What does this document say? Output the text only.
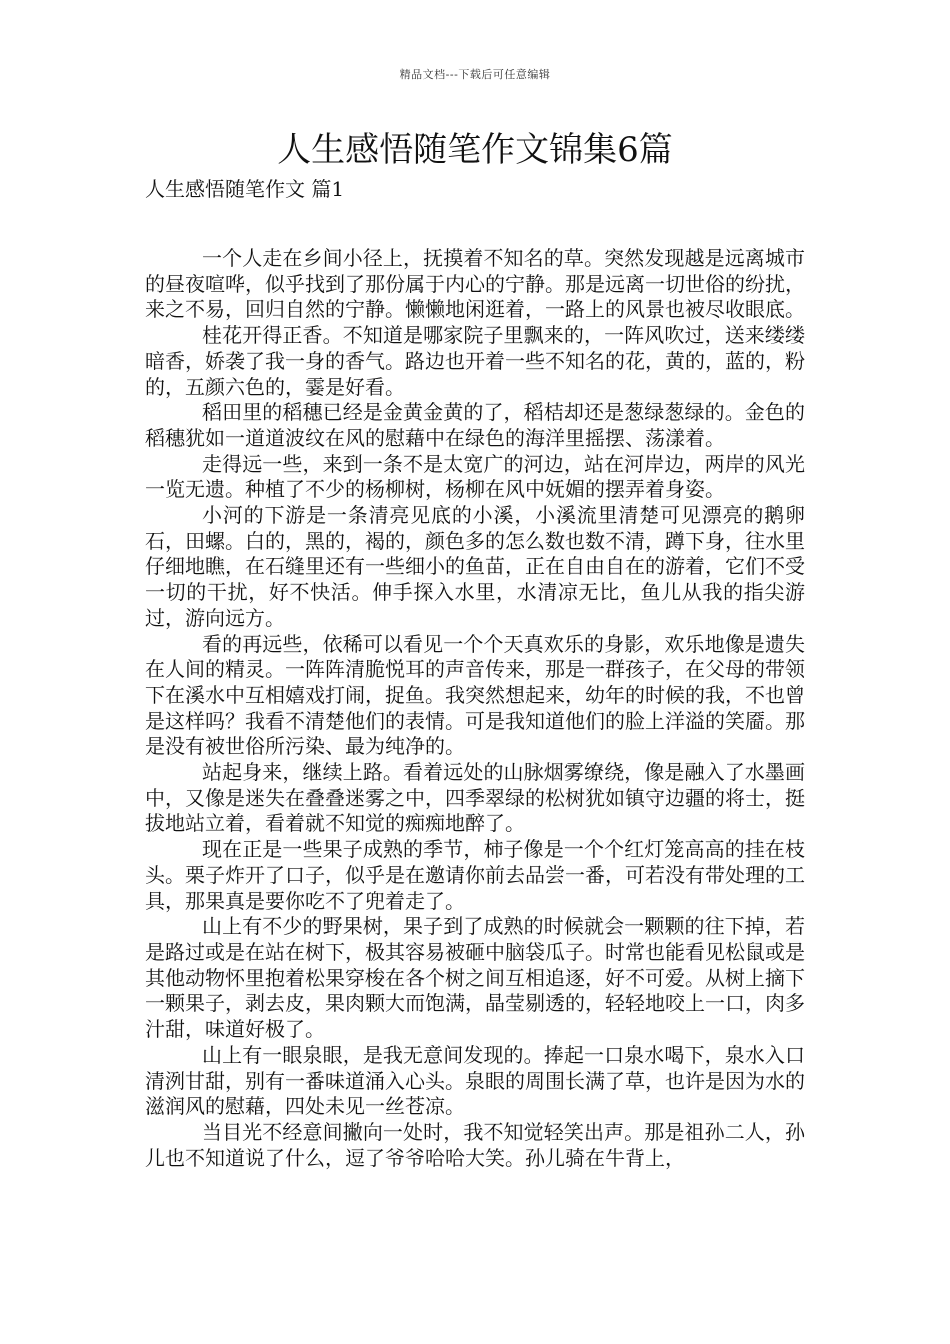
精品文档---下载后可任意编辑
人生感悟随笔作文锦集6篇
人生感悟随笔作文 篇1

一个人走在乡间小径上，抚摸着不知名的草。突然发现越是远离城市的昼夜喧哗，似乎找到了那份属于内心的宁静。那是远离一切世俗的纷扰，来之不易，回归自然的宁静。懒懒地闲逛着，一路上的风景也被尽收眼底。

桂花开得正香。不知道是哪家院子里飘来的，一阵风吹过，送来缕缕暗香，娇袭了我一身的香气。路边也开着一些不知名的花，黄的，蓝的，粉的，五颜六色的，霎是好看。

稻田里的稻穗已经是金黄金黄的了，稻桔却还是葱绿葱绿的。金色的稻穗犹如一道道波纹在风的慰藉中在绿色的海洋里摇摆、荡漾着。

走得远一些，来到一条不是太宽广的河边，站在河岸边，两岸的风光一览无遗。种植了不少的杨柳树，杨柳在风中妩媚的摆弄着身姿。

小河的下游是一条清亮见底的小溪，小溪流里清楚可见漂亮的鹅卵石，田螺。白的，黑的，褐的，颜色多的怎么数也数不清，蹲下身，往水里仔细地瞧，在石缝里还有一些细小的鱼苗，正在自由自在的游着，它们不受一切的干扰，好不快活。伸手探入水里，水清凉无比，鱼儿从我的指尖游过，游向远方。

看的再远些，依稀可以看见一个个天真欢乐的身影，欢乐地像是遗失在人间的精灵。一阵阵清脆悦耳的声音传来，那是一群孩子，在父母的带领下在溪水中互相嬉戏打闹，捉鱼。我突然想起来，幼年的时候的我，不也曾是这样吗？我看不清楚他们的表情。可是我知道他们的脸上洋溢的笑靥。那是没有被世俗所污染、最为纯净的。

站起身来，继续上路。看着远处的山脉烟雾缭绕，像是融入了水墨画中，又像是迷失在叠叠迷雾之中，四季翠绿的松树犹如镇守边疆的将士，挺拔地站立着，看着就不知觉的痴痴地醉了。

现在正是一些果子成熟的季节，柿子像是一个个红灯笼高高的挂在枝头。栗子炸开了口子，似乎是在邀请你前去品尝一番，可若没有带处理的工具，那果真是要你吃不了兜着走了。

山上有不少的野果树，果子到了成熟的时候就会一颗颗的往下掉，若是路过或是在站在树下，极其容易被砸中脑袋瓜子。时常也能看见松鼠或是其他动物怀里抱着松果穿梭在各个树之间互相追逐，好不可爱。从树上摘下一颗果子，剥去皮，果肉颗大而饱满，晶莹剔透的，轻轻地咬上一口，肉多汁甜，味道好极了。

山上有一眼泉眼，是我无意间发现的。捧起一口泉水喝下，泉水入口清洌甘甜，别有一番味道涌入心头。泉眼的周围长满了草，也许是因为水的滋润风的慰藉，四处未见一丝苍凉。

当目光不经意间撇向一处时，我不知觉轻笑出声。那是祖孙二人，孙儿也不知道说了什么，逗了爷爷哈哈大笑。孙儿骑在牛背上，
